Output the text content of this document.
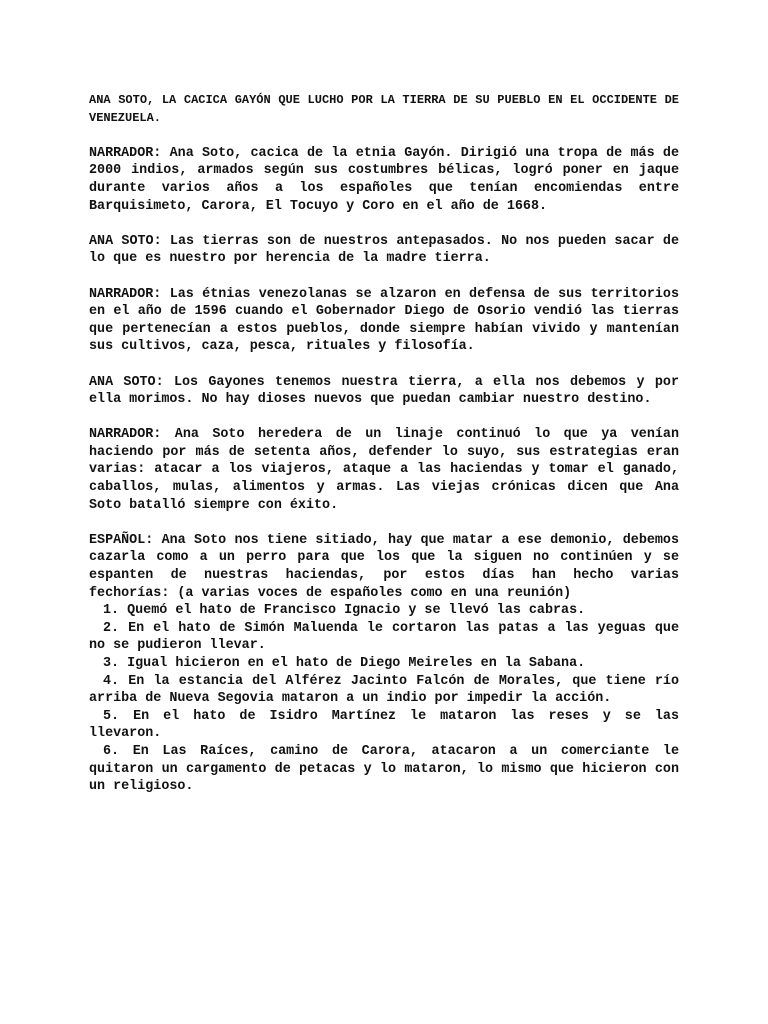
ANA SOTO, LA CACICA GAYÓN QUE LUCHO POR LA TIERRA DE SU PUEBLO EN EL OCCIDENTE DE VENEZUELA.

NARRADOR: Ana Soto, cacica de la etnia Gayón. Dirigió una tropa de más de 2000 indios, armados según sus costumbres bélicas, logró poner en jaque durante varios años a los españoles que tenían encomiendas entre Barquisimeto, Carora, El Tocuyo y Coro en el año de 1668.

ANA SOTO: Las tierras son de nuestros antepasados. No nos pueden sacar de lo que es nuestro por herencia de la madre tierra.

NARRADOR: Las étnias venezolanas se alzaron en defensa de sus territorios en el año de 1596 cuando el Gobernador Diego de Osorio vendió las tierras que pertenecían a estos pueblos, donde siempre habían vivido y mantenían sus cultivos, caza, pesca, rituales y filosofía.

ANA SOTO: Los Gayones tenemos nuestra tierra, a ella nos debemos y por ella morimos. No hay dioses nuevos que puedan cambiar nuestro destino.

NARRADOR: Ana Soto heredera de un linaje continuó lo que ya venían haciendo por más de setenta años, defender lo suyo, sus estrategias eran varias: atacar a los viajeros, ataque a las haciendas y tomar el ganado, caballos, mulas, alimentos y armas. Las viejas crónicas dicen que Ana Soto batalló siempre con éxito.

ESPAÑOL: Ana Soto nos tiene sitiado, hay que matar a ese demonio, debemos cazarla como a un perro para que los que la siguen no continúen y se espanten de nuestras haciendas, por estos días han hecho varias fechorías: (a varias voces de españoles como en una reunión)

1. Quemó el hato de Francisco Ignacio y se llevó las cabras.
2. En el hato de Simón Maluenda le cortaron las patas a las yeguas que no se pudieron llevar.
3. Igual hicieron en el hato de Diego Meireles en la Sabana.
4. En la estancia del Alférez Jacinto Falcón de Morales, que tiene río arriba de Nueva Segovia mataron a un indio por impedir la acción.
5. En el hato de Isidro Martínez le mataron las reses y se las llevaron.
6. En Las Raíces, camino de Carora, atacaron a un comerciante le quitaron un cargamento de petacas y lo mataron, lo mismo que hicieron con un religioso.
